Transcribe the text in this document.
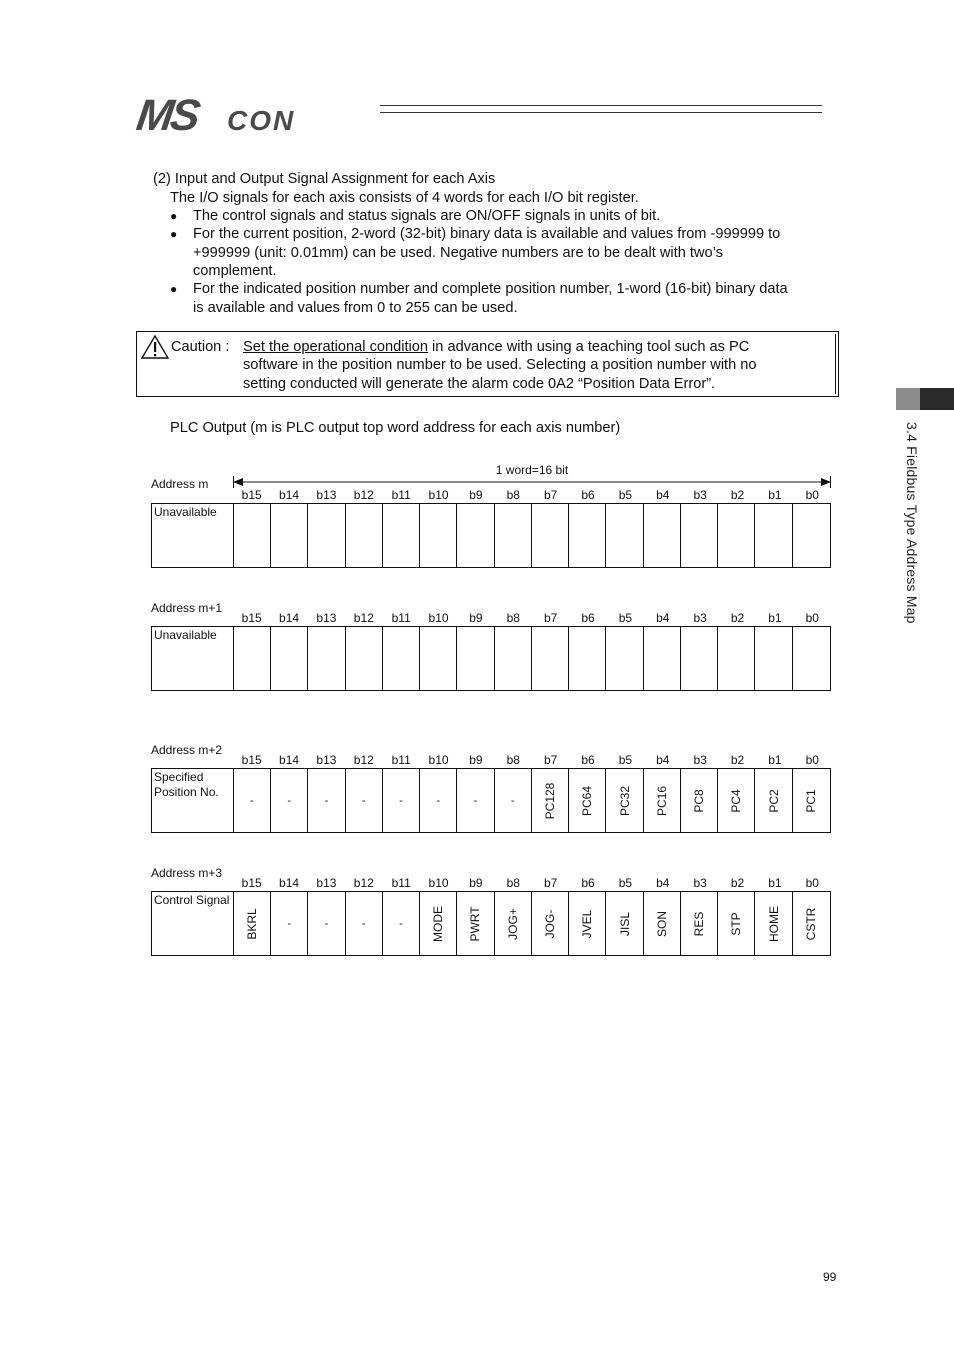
MS CON
3.4 Fieldbus Type Address Map
(2) Input and Output Signal Assignment for each Axis
The I/O signals for each axis consists of 4 words for each I/O bit register.
● The control signals and status signals are ON/OFF signals in units of bit.
● For the current position, 2-word (32-bit) binary data is available and values from -999999 to
+999999 (unit: 0.01mm) can be used. Negative numbers are to be dealt with two’s
complement.
● For the indicated position number and complete position number, 1-word (16-bit) binary data
is available and values from 0 to 255 can be used.
Caution : Set the operational condition in advance with using a teaching tool such as PC
software in the position number to be used. Selecting a position number with no
setting conducted will generate the alarm code 0A2 “Position Data Error”.
PLC Output (m is PLC output top word address for each axis number)
1 word=16 bit
Address m
b15	b14	b13	b12	b11	b10	b9	b8	b7	b6	b5	b4	b3	b2	b1	b0
Unavailable
Address m+1
b15	b14	b13	b12	b11	b10	b9	b8	b7	b6	b5	b4	b3	b2	b1	b0
Unavailable
Address m+2
b15	b14	b13	b12	b11	b10	b9	b8	b7	b6	b5	b4	b3	b2	b1	b0
Specified
Position No.
-	-	-	-	-	-	-	- PC128 PC64 PC32 PC16 PC8 PC4 PC2 PC1
Address m+3
b15	b14	b13	b12	b11	b10	b9	b8	b7	b6	b5	b4	b3	b2	b1	b0
Control Signal
BKRL	-	-	-	- MODE PWRT JOG+ JOG- JVEL JISL SON RES STP HOME CSTR
99
